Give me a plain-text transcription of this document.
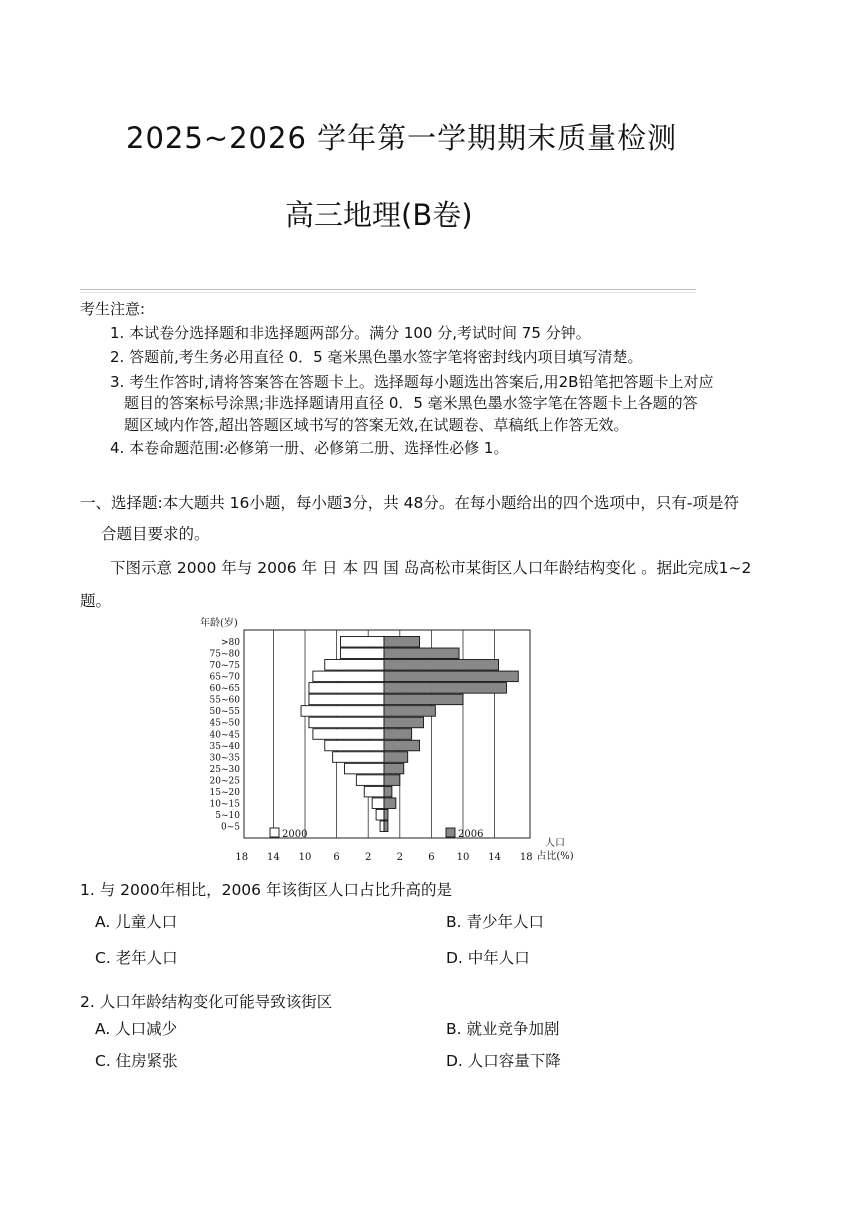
2025~2026 学年第一学期期末质量检测
高三地理(B卷)
考生注意:
1. 本试卷分选择题和非选择题两部分。满分 100 分,考试时间 75 分钟。
2. 答题前,考生务必用直径 0．5 毫米黑色墨水签字笔将密封线内项目填写清楚。
3. 考生作答时,请将答案答在答题卡上。选择题每小题选出答案后,用2B铅笔把答题卡上对应
题目的答案标号涂黑;非选择题请用直径 0．5 毫米黑色墨水签字笔在答题卡上各题的答
题区域内作答,超出答题区域书写的答案无效,在试题卷、草稿纸上作答无效。
4. 本卷命题范围:必修第一册、必修第二册、选择性必修 1。
一、选择题:本大题共 16小题，每小题3分，共 48分。在每小题给出的四个选项中，只有-项是符
合题目要求的。
下图示意 2000 年与 2006 年 日 本 四 国 岛高松市某街区人口年龄结构变化 。据此完成1~2
题。
年龄(岁)
>80
75~80
70~75
65~70
60~65
55~60
50~55
45~50
40~45
35~40
30~35
25~30
20~25
15~20
10~15
5~10
0~5
18 14 10 6	2	2	6 10 14 18
2000	2006
人口
占比(%)
1. 与 2000年相比，2006 年该街区人口占比升高的是
A. 儿童人口	B. 青少年人口
C. 老年人口	D. 中年人口
2. 人口年龄结构变化可能导致该街区
A. 人口减少	B. 就业竞争加剧
C. 住房紧张	D. 人口容量下降
